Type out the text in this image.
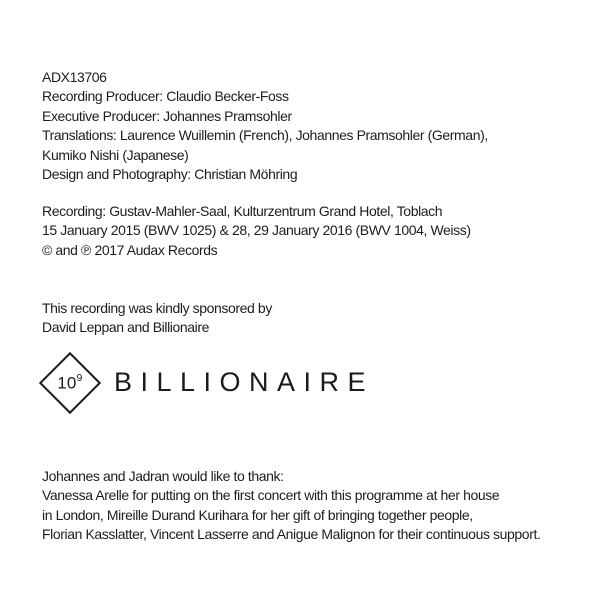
ADX13706
Recording Producer: Claudio Becker-Foss
Executive Producer: Johannes Pramsohler
Translations: Laurence Wuillemin (French), Johannes Pramsohler (German),
Kumiko Nishi (Japanese)
Design and Photography: Christian Möhring
Recording: Gustav-Mahler-Saal, Kulturzentrum Grand Hotel, Toblach
15 January 2015 (BWV 1025) & 28, 29 January 2016 (BWV 1004, Weiss)
© and ℗ 2017 Audax Records
This recording was kindly sponsored by
David Leppan and Billionaire
$10^9$ BILLIONAIRE
Johannes and Jadran would like to thank:
Vanessa Arelle for putting on the first concert with this programme at her house
in London, Mireille Durand Kurihara for her gift of bringing together people,
Florian Kasslatter, Vincent Lasserre and Anigue Malignon for their continuous support.
